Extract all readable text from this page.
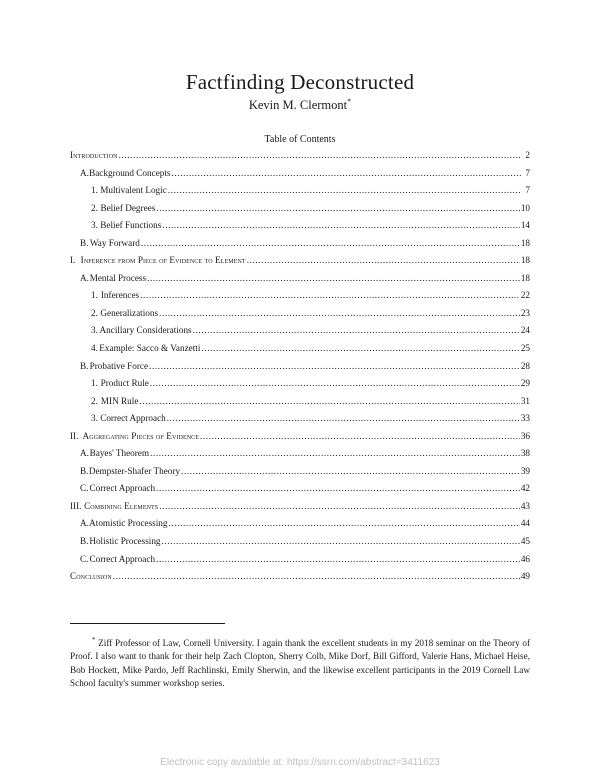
Factfinding Deconstructed
Kevin M. Clermont*
Table of Contents
Introduction .....	2
A. Background Concepts .....	7
1. Multivalent Logic .....	7
2. Belief Degrees .....	10
3. Belief Functions .....	14
B. Way Forward .....	18
I. Inference from Piece of Evidence to Element .....	18
A. Mental Process .....	18
1. Inferences .....	22
2. Generalizations .....	23
3. Ancillary Considerations .....	24
4. Example: Sacco & Vanzetti .....	25
B. Probative Force .....	28
1. Product Rule .....	29
2. MIN Rule .....	31
3. Correct Approach .....	33
II. Aggregating Pieces of Evidence .....	36
A. Bayes' Theorem .....	38
B. Dempster-Shafer Theory .....	39
C. Correct Approach .....	42
III. Combining Elements .....	43
A. Atomistic Processing .....	44
B. Holistic Processing .....	45
C. Correct Approach .....	46
Conclusion .....	49

* Ziff Professor of Law, Cornell University. I again thank the excellent students in my 2018 seminar on the Theory of Proof. I also want to thank for their help Zach Clopton, Sherry Colb, Mike Dorf, Bill Gifford, Valerie Hans, Michael Heise, Bob Hockett, Mike Pardo, Jeff Rachlinski, Emily Sherwin, and the likewise excellent participants in the 2019 Cornell Law School faculty's summer workshop series.

Electronic copy available at: https://ssrn.com/abstract=3411623
